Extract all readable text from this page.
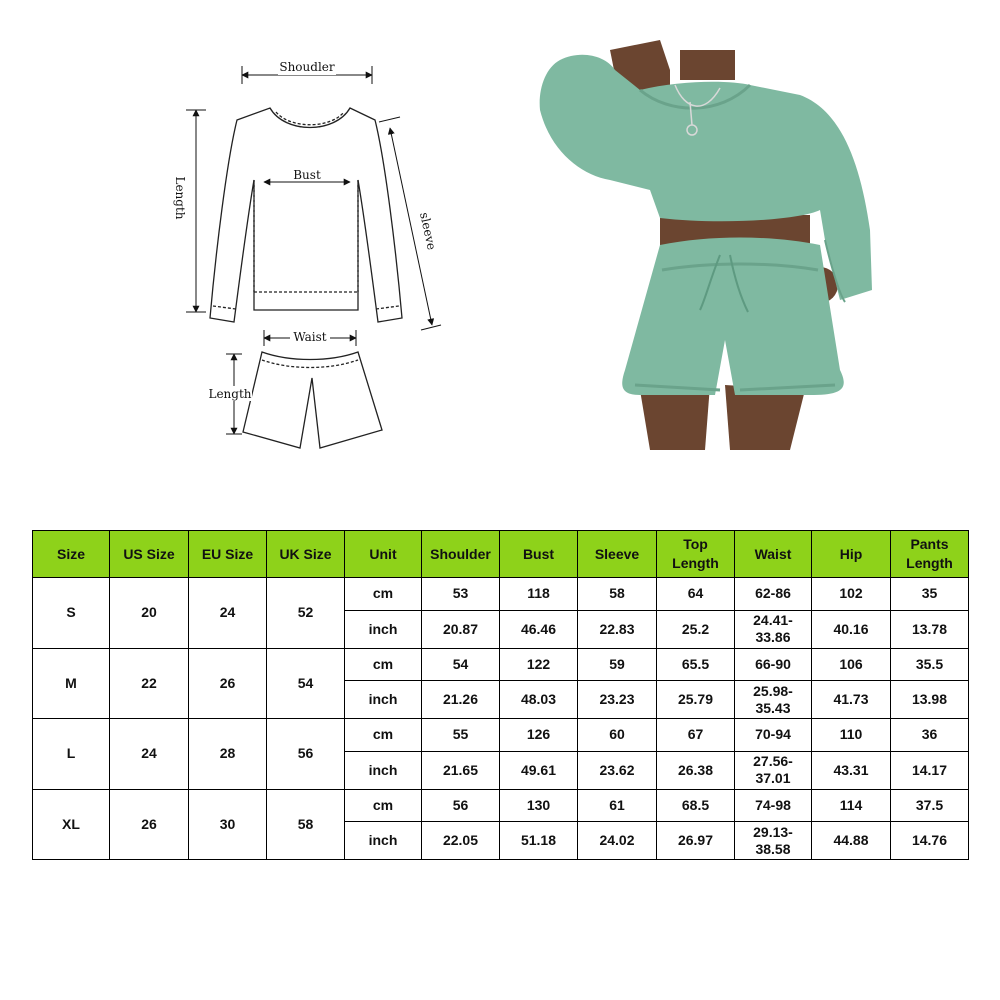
Shoudler
Bust
Length
sleeve
Waist
Length
Size	US Size	EU Size	UK Size	Unit	Shoulder	Bust	Sleeve	Top Length	Waist	Hip	Pants Length
S	20	24	52	cm	53	118	58	64	62-86	102	35
				inch	20.87	46.46	22.83	25.2	24.41-33.86	40.16	13.78
M	22	26	54	cm	54	122	59	65.5	66-90	106	35.5
				inch	21.26	48.03	23.23	25.79	25.98-35.43	41.73	13.98
L	24	28	56	cm	55	126	60	67	70-94	110	36
				inch	21.65	49.61	23.62	26.38	27.56-37.01	43.31	14.17
XL	26	30	58	cm	56	130	61	68.5	74-98	114	37.5
				inch	22.05	51.18	24.02	26.97	29.13-38.58	44.88	14.76
